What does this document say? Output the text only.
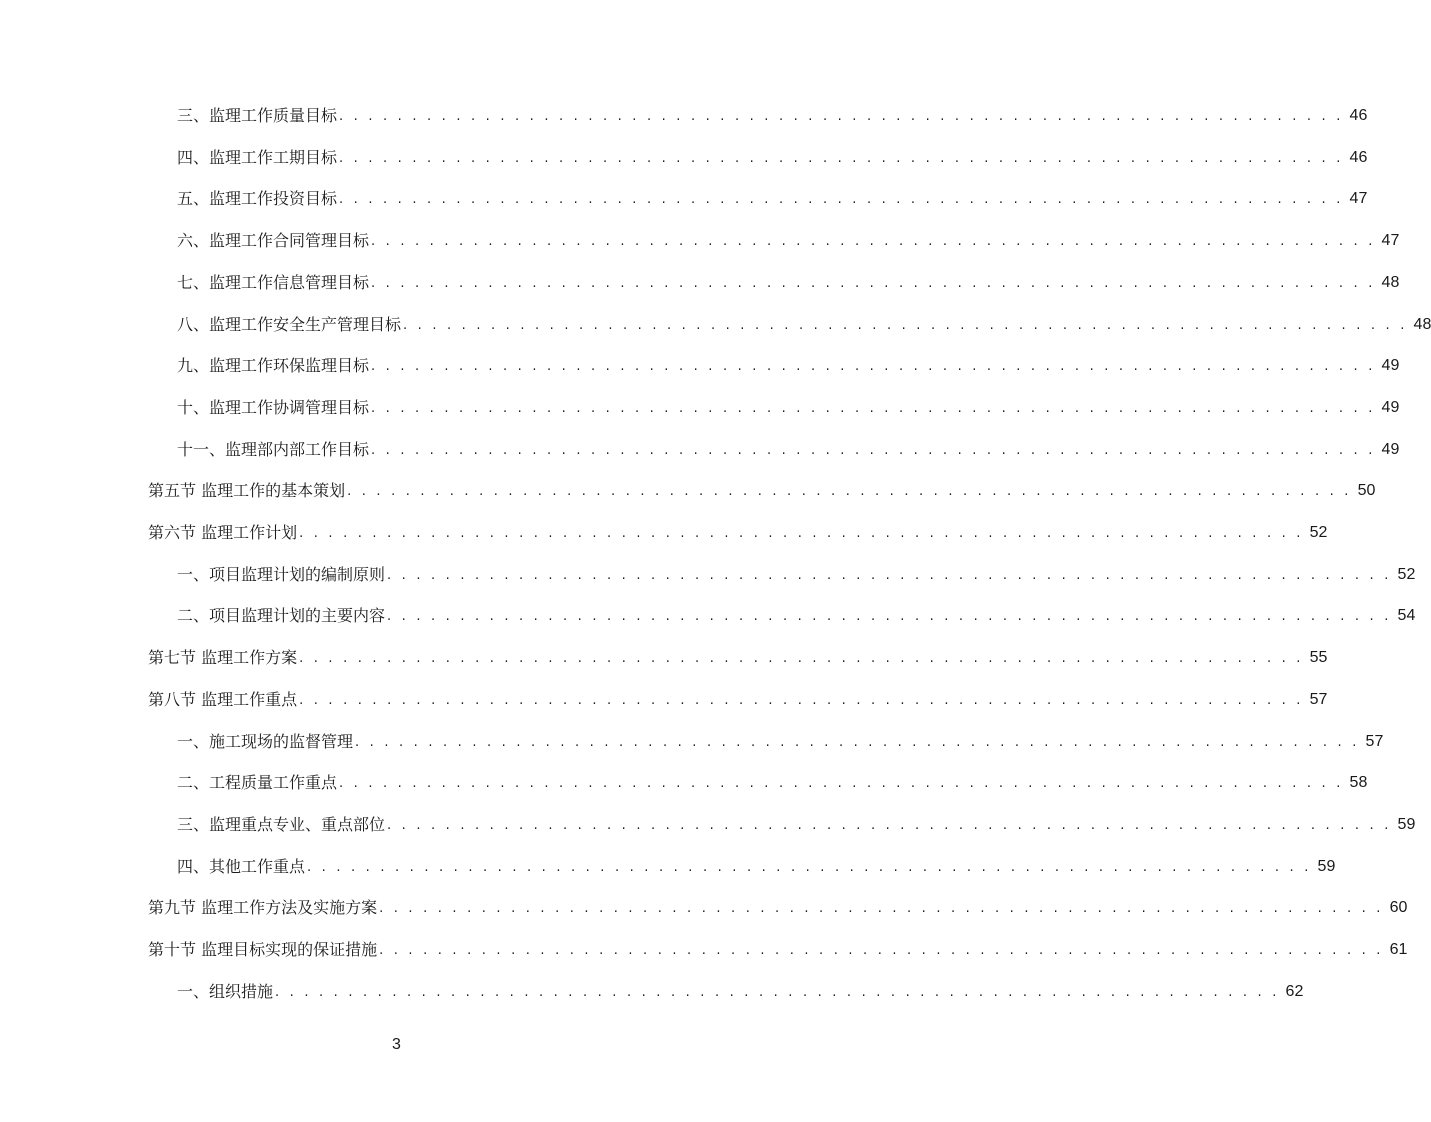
三、监理工作质量目标 . . . . . . . . . . . . . . . . . . . . . . . . . . . . . . . . . . . . . . . . . . . . . . . . . . . . . . . . . . . . . . . . . . . . . 46
四、监理工作工期目标 . . . . . . . . . . . . . . . . . . . . . . . . . . . . . . . . . . . . . . . . . . . . . . . . . . . . . . . . . . . . . . . . . . . . . 46
五、监理工作投资目标 . . . . . . . . . . . . . . . . . . . . . . . . . . . . . . . . . . . . . . . . . . . . . . . . . . . . . . . . . . . . . . . . . . . . . 47
六、监理工作合同管理目标 . . . . . . . . . . . . . . . . . . . . . . . . . . . . . . . . . . . . . . . . . . . . . . . . . . . . . . . . . . . . . . . . . . . . . 47
七、监理工作信息管理目标 . . . . . . . . . . . . . . . . . . . . . . . . . . . . . . . . . . . . . . . . . . . . . . . . . . . . . . . . . . . . . . . . . . . . . 48
八、监理工作安全生产管理目标 . . . . . . . . . . . . . . . . . . . . . . . . . . . . . . . . . . . . . . . . . . . . . . . . . . . . . . . . . . . . . . . . . . . . . 48
九、监理工作环保监理目标 . . . . . . . . . . . . . . . . . . . . . . . . . . . . . . . . . . . . . . . . . . . . . . . . . . . . . . . . . . . . . . . . . . . . . 49
十、监理工作协调管理目标 . . . . . . . . . . . . . . . . . . . . . . . . . . . . . . . . . . . . . . . . . . . . . . . . . . . . . . . . . . . . . . . . . . . . . 49
十一、监理部内部工作目标 . . . . . . . . . . . . . . . . . . . . . . . . . . . . . . . . . . . . . . . . . . . . . . . . . . . . . . . . . . . . . . . . . . . . . 49
第五节 监理工作的基本策划 . . . . . . . . . . . . . . . . . . . . . . . . . . . . . . . . . . . . . . . . . . . . . . . . . . . . . . . . . . . . . . . . . . . . . 50
第六节 监理工作计划 . . . . . . . . . . . . . . . . . . . . . . . . . . . . . . . . . . . . . . . . . . . . . . . . . . . . . . . . . . . . . . . . . . . . . 52
一、项目监理计划的编制原则 . . . . . . . . . . . . . . . . . . . . . . . . . . . . . . . . . . . . . . . . . . . . . . . . . . . . . . . . . . . . . . . . . . . . . 52
二、项目监理计划的主要内容 . . . . . . . . . . . . . . . . . . . . . . . . . . . . . . . . . . . . . . . . . . . . . . . . . . . . . . . . . . . . . . . . . . . . . 54
第七节 监理工作方案 . . . . . . . . . . . . . . . . . . . . . . . . . . . . . . . . . . . . . . . . . . . . . . . . . . . . . . . . . . . . . . . . . . . . . 55
第八节 监理工作重点 . . . . . . . . . . . . . . . . . . . . . . . . . . . . . . . . . . . . . . . . . . . . . . . . . . . . . . . . . . . . . . . . . . . . . 57
一、施工现场的监督管理 . . . . . . . . . . . . . . . . . . . . . . . . . . . . . . . . . . . . . . . . . . . . . . . . . . . . . . . . . . . . . . . . . . . . . 57
二、工程质量工作重点 . . . . . . . . . . . . . . . . . . . . . . . . . . . . . . . . . . . . . . . . . . . . . . . . . . . . . . . . . . . . . . . . . . . . . 58
三、监理重点专业、重点部位 . . . . . . . . . . . . . . . . . . . . . . . . . . . . . . . . . . . . . . . . . . . . . . . . . . . . . . . . . . . . . . . . . . . . . 59
四、其他工作重点 . . . . . . . . . . . . . . . . . . . . . . . . . . . . . . . . . . . . . . . . . . . . . . . . . . . . . . . . . . . . . . . . . . . . . 59
第九节 监理工作方法及实施方案 . . . . . . . . . . . . . . . . . . . . . . . . . . . . . . . . . . . . . . . . . . . . . . . . . . . . . . . . . . . . . . . . . . . . . 60
第十节 监理目标实现的保证措施 . . . . . . . . . . . . . . . . . . . . . . . . . . . . . . . . . . . . . . . . . . . . . . . . . . . . . . . . . . . . . . . . . . . . . 61
一、组织措施 . . . . . . . . . . . . . . . . . . . . . . . . . . . . . . . . . . . . . . . . . . . . . . . . . . . . . . . . . . . . . . . . . . . . . 62
3
